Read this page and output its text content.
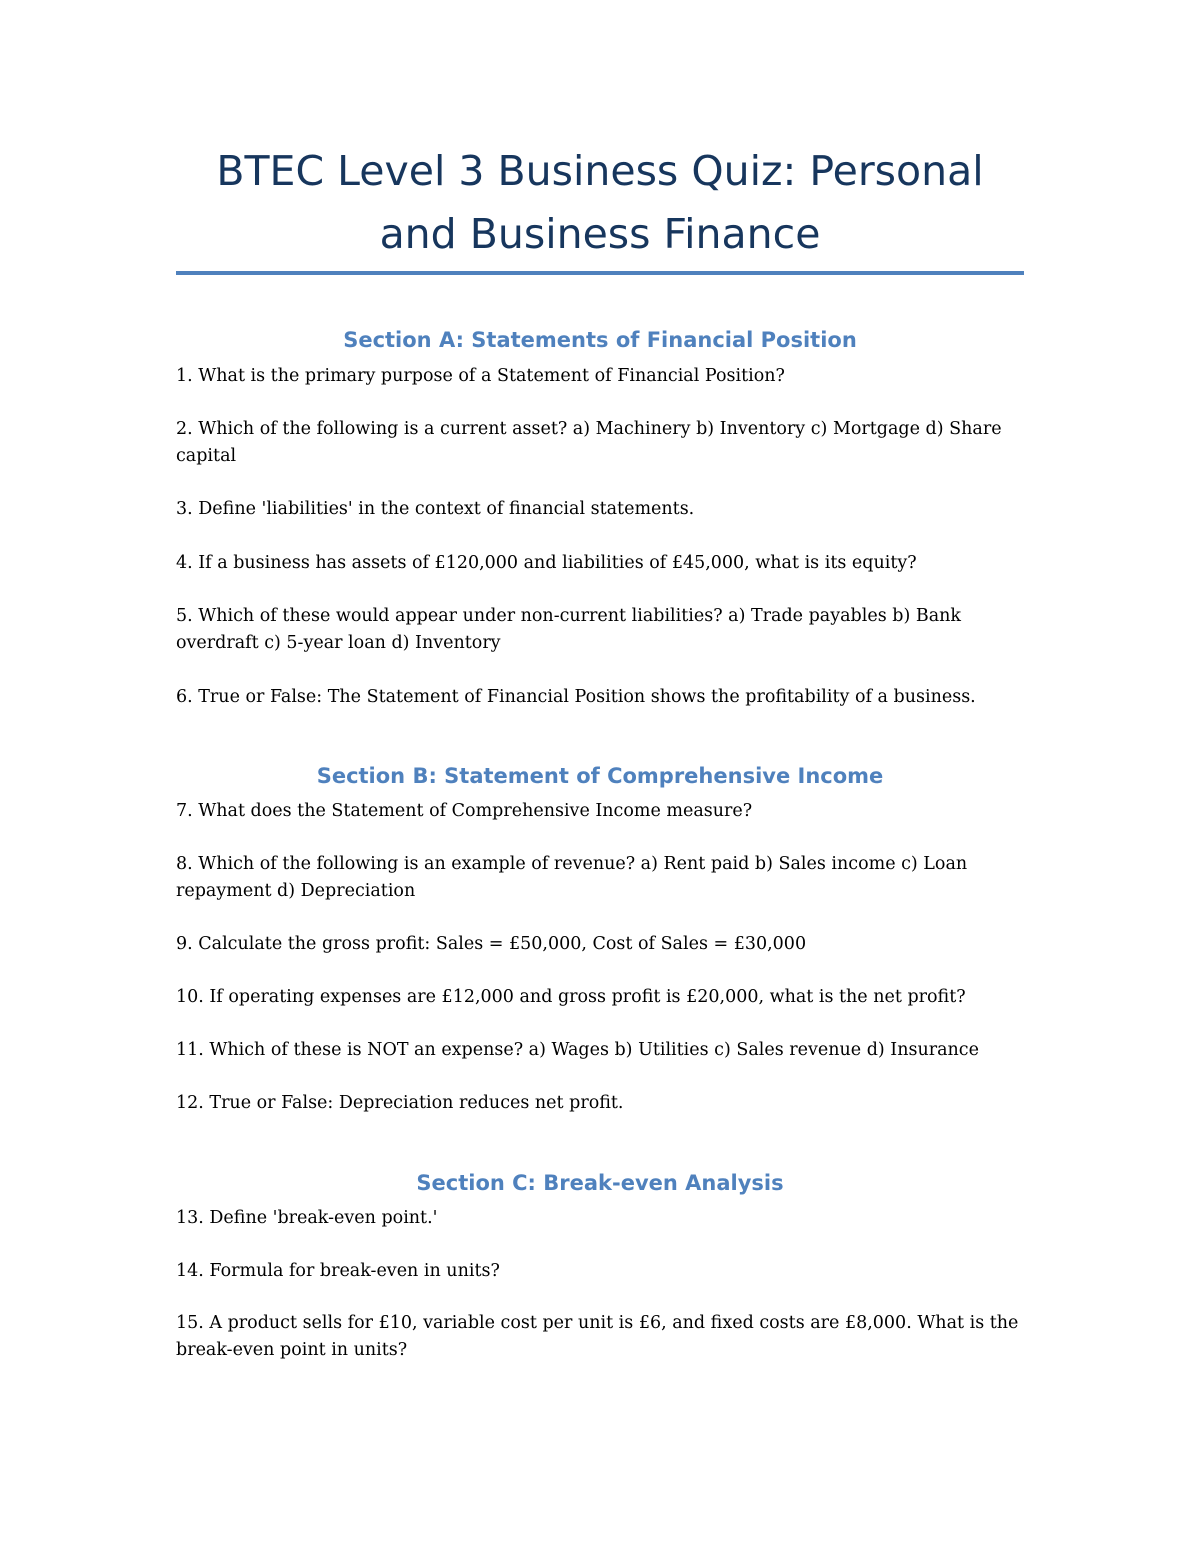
BTEC Level 3 Business Quiz: Personal and Business Finance
Section A: Statements of Financial Position

1. What is the primary purpose of a Statement of Financial Position?

2. Which of the following is a current asset? a) Machinery b) Inventory c) Mortgage d) Share capital

3. Define 'liabilities' in the context of financial statements.

4. If a business has assets of £120,000 and liabilities of £45,000, what is its equity?

5. Which of these would appear under non-current liabilities? a) Trade payables b) Bank overdraft c) 5-year loan d) Inventory

6. True or False: The Statement of Financial Position shows the profitability of a business.

Section B: Statement of Comprehensive Income

7. What does the Statement of Comprehensive Income measure?

8. Which of the following is an example of revenue? a) Rent paid b) Sales income c) Loan repayment d) Depreciation

9. Calculate the gross profit: Sales = £50,000, Cost of Sales = £30,000

10. If operating expenses are £12,000 and gross profit is £20,000, what is the net profit?

11. Which of these is NOT an expense? a) Wages b) Utilities c) Sales revenue d) Insurance

12. True or False: Depreciation reduces net profit.

Section C: Break-even Analysis

13. Define 'break-even point.'

14. Formula for break-even in units?

15. A product sells for £10, variable cost per unit is £6, and fixed costs are £8,000. What is the break-even point in units?
